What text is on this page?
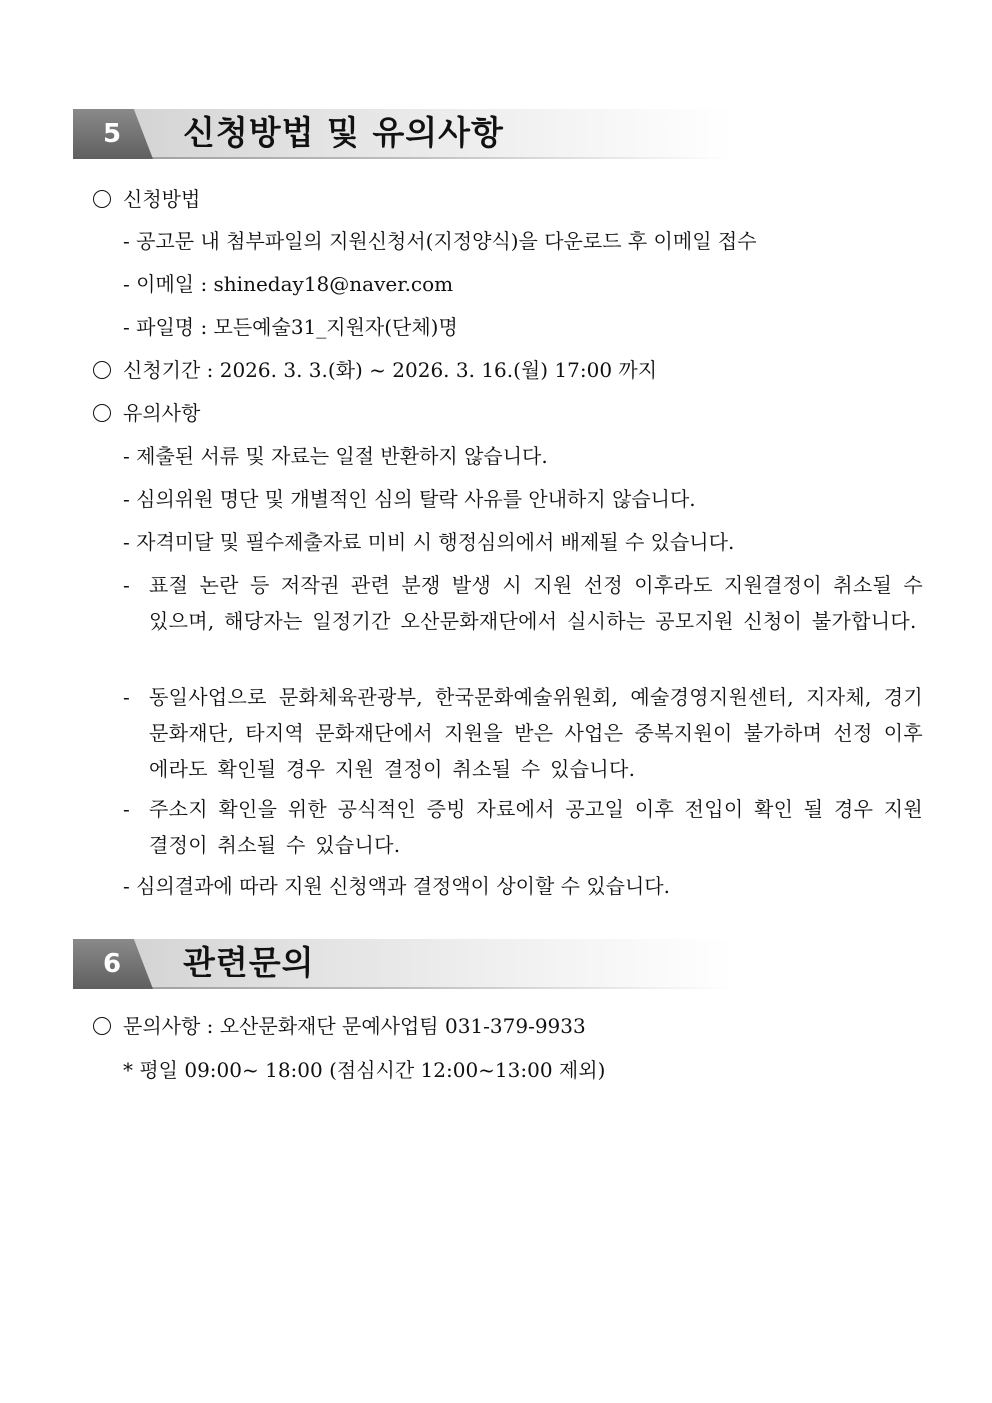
5	신청방법 및 유의사항
신청방법
- 공고문 내 첨부파일의 지원신청서(지정양식)을 다운로드 후 이메일 접수
- 이메일 : shineday18@naver.com
- 파일명 : 모든예술31_지원자(단체)명
신청기간 : 2026. 3. 3.(화) ~ 2026. 3. 16.(월) 17:00 까지
유의사항
- 제출된 서류 및 자료는 일절 반환하지 않습니다.
- 심의위원 명단 및 개별적인 심의 탈락 사유를 안내하지 않습니다.
- 자격미달 및 필수제출자료 미비 시 행정심의에서 배제될 수 있습니다.
- 표절 논란 등 저작권 관련 분쟁 발생 시 지원 선정 이후라도 지원결정이 취소될 수 있으며, 해당자는 일정기간 오산문화재단에서 실시하는 공모지원 신청이 불가합니다.
- 동일사업으로 문화체육관광부, 한국문화예술위원회, 예술경영지원센터, 지자체, 경기문화재단, 타지역 문화재단에서 지원을 받은 사업은 중복지원이 불가하며 선정 이후에라도 확인될 경우 지원 결정이 취소될 수 있습니다.
- 주소지 확인을 위한 공식적인 증빙 자료에서 공고일 이후 전입이 확인 될 경우 지원 결정이 취소될 수 있습니다.
- 심의결과에 따라 지원 신청액과 결정액이 상이할 수 있습니다.
6	관련문의
문의사항 : 오산문화재단 문예사업팀 031-379-9933
* 평일 09:00~ 18:00 (점심시간 12:00~13:00 제외)
